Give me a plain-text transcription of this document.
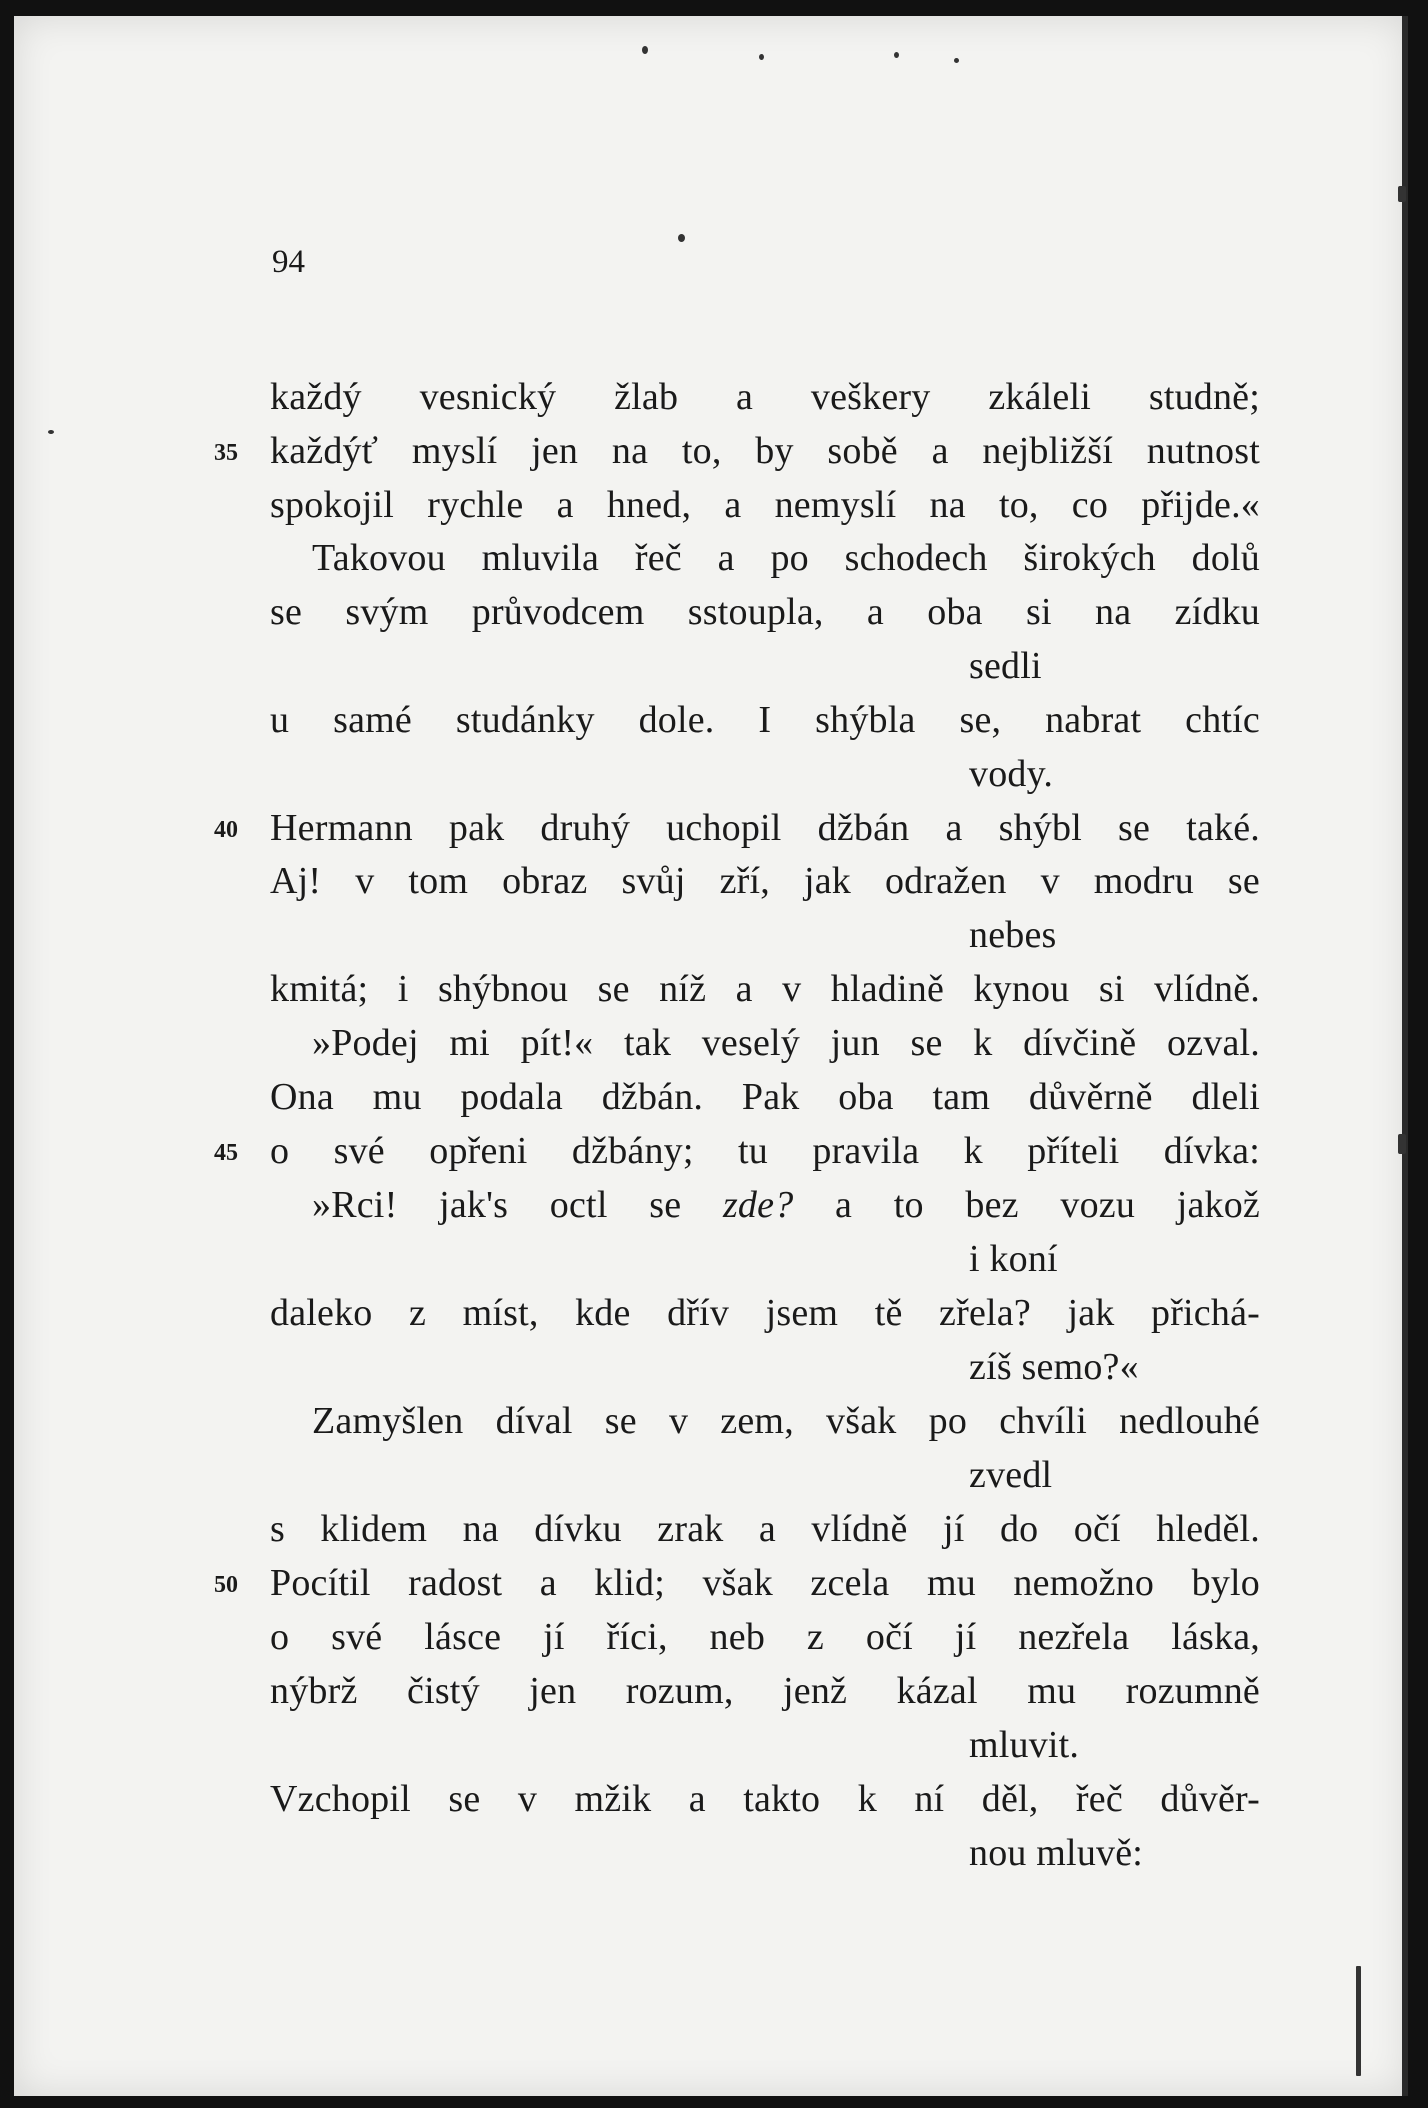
94
každý vesnický žlab a veškery zkáleli studně;
35 každýť myslí jen na to, by sobě a nejbližší nutnost
spokojil rychle a hned, a nemyslí na to, co přijde.«
Takovou mluvila řeč a po schodech širokých dolů
se svým průvodcem sstoupla, a oba si na zídku
sedli
u samé studánky dole. I shýbla se, nabrat chtíc
vody.
40 Hermann pak druhý uchopil džbán a shýbl se také.
Aj! v tom obraz svůj zří, jak odražen v modru se
nebes
kmitá; i shýbnou se níž a v hladině kynou si vlídně.
»Podej mi pít!« tak veselý jun se k dívčině ozval.
Ona mu podala džbán. Pak oba tam důvěrně dleli
45 o své opřeni džbány; tu pravila k příteli dívka:
»Rci! jak's octl se zde? a to bez vozu jakož
i koní
daleko z míst, kde dřív jsem tě zřela? jak přichá-
zíš semo?«
Zamyšlen díval se v zem, však po chvíli nedlouhé
zvedl
s klidem na dívku zrak a vlídně jí do očí hleděl.
50 Pocítil radost a klid; však zcela mu nemožno bylo
o své lásce jí říci, neb z očí jí nezřela láska,
nýbrž čistý jen rozum, jenž kázal mu rozumně
mluvit.
Vzchopil se v mžik a takto k ní děl, řeč důvěr-
nou mluvě:
